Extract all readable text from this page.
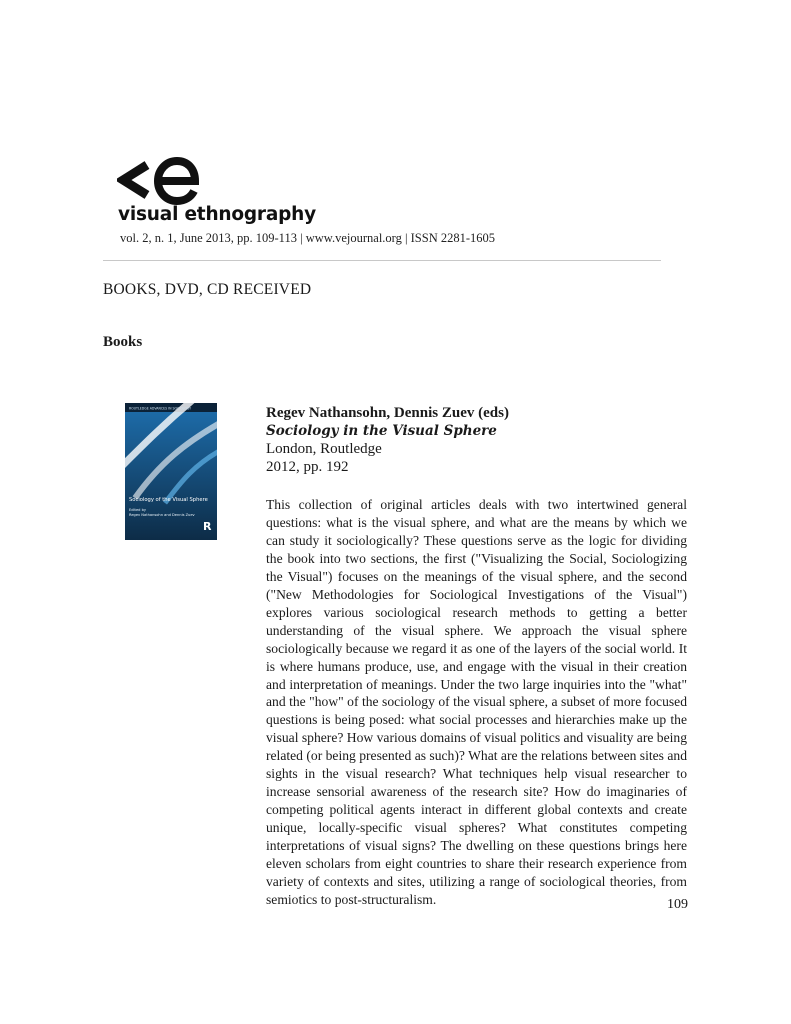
visual ethnography
vol. 2, n. 1, June 2013, pp. 109-113 | www.vejournal.org | ISSN 2281-1605
BOOKS, DVD, CD RECEIVED
Books
ROUTLEDGE ADVANCES IN SOCIOLOGY
Sociology of the Visual Sphere
Edited by
Regev Nathansohn and Dennis Zuev
R
Regev Nathansohn, Dennis Zuev (eds)
Sociology in the Visual Sphere
London, Routledge
2012, pp. 192
This collection of original articles deals with two intertwined general questions: what is the visual sphere, and what are the means by which we can study it sociologically? These questions serve as the logic for dividing the book into two sections, the first ("Visualizing the Social, Sociologizing the Visual") focuses on the meanings of the visual sphere, and the second ("New Methodologies for Sociological Investigations of the Visual") explores various sociological research methods to getting a better understanding of the visual sphere. We approach the visual sphere sociologically because we regard it as one of the layers of the social world. It is where humans produce, use, and engage with the visual in their creation and interpretation of meanings. Under the two large inquiries into the "what" and the "how" of the sociology of the visual sphere, a subset of more focused questions is being posed: what social processes and hierarchies make up the visual sphere? How various domains of visual politics and visuality are being related (or being presented as such)? What are the relations between sites and sights in the visual research? What techniques help visual researcher to increase sensorial awareness of the research site? How do imaginaries of competing political agents interact in different global contexts and create unique, locally-specific visual spheres? What constitutes competing interpretations of visual signs? The dwelling on these questions brings here eleven scholars from eight countries to share their research experience from variety of contexts and sites, utilizing a range of sociological theories, from semiotics to post-structuralism.	109
